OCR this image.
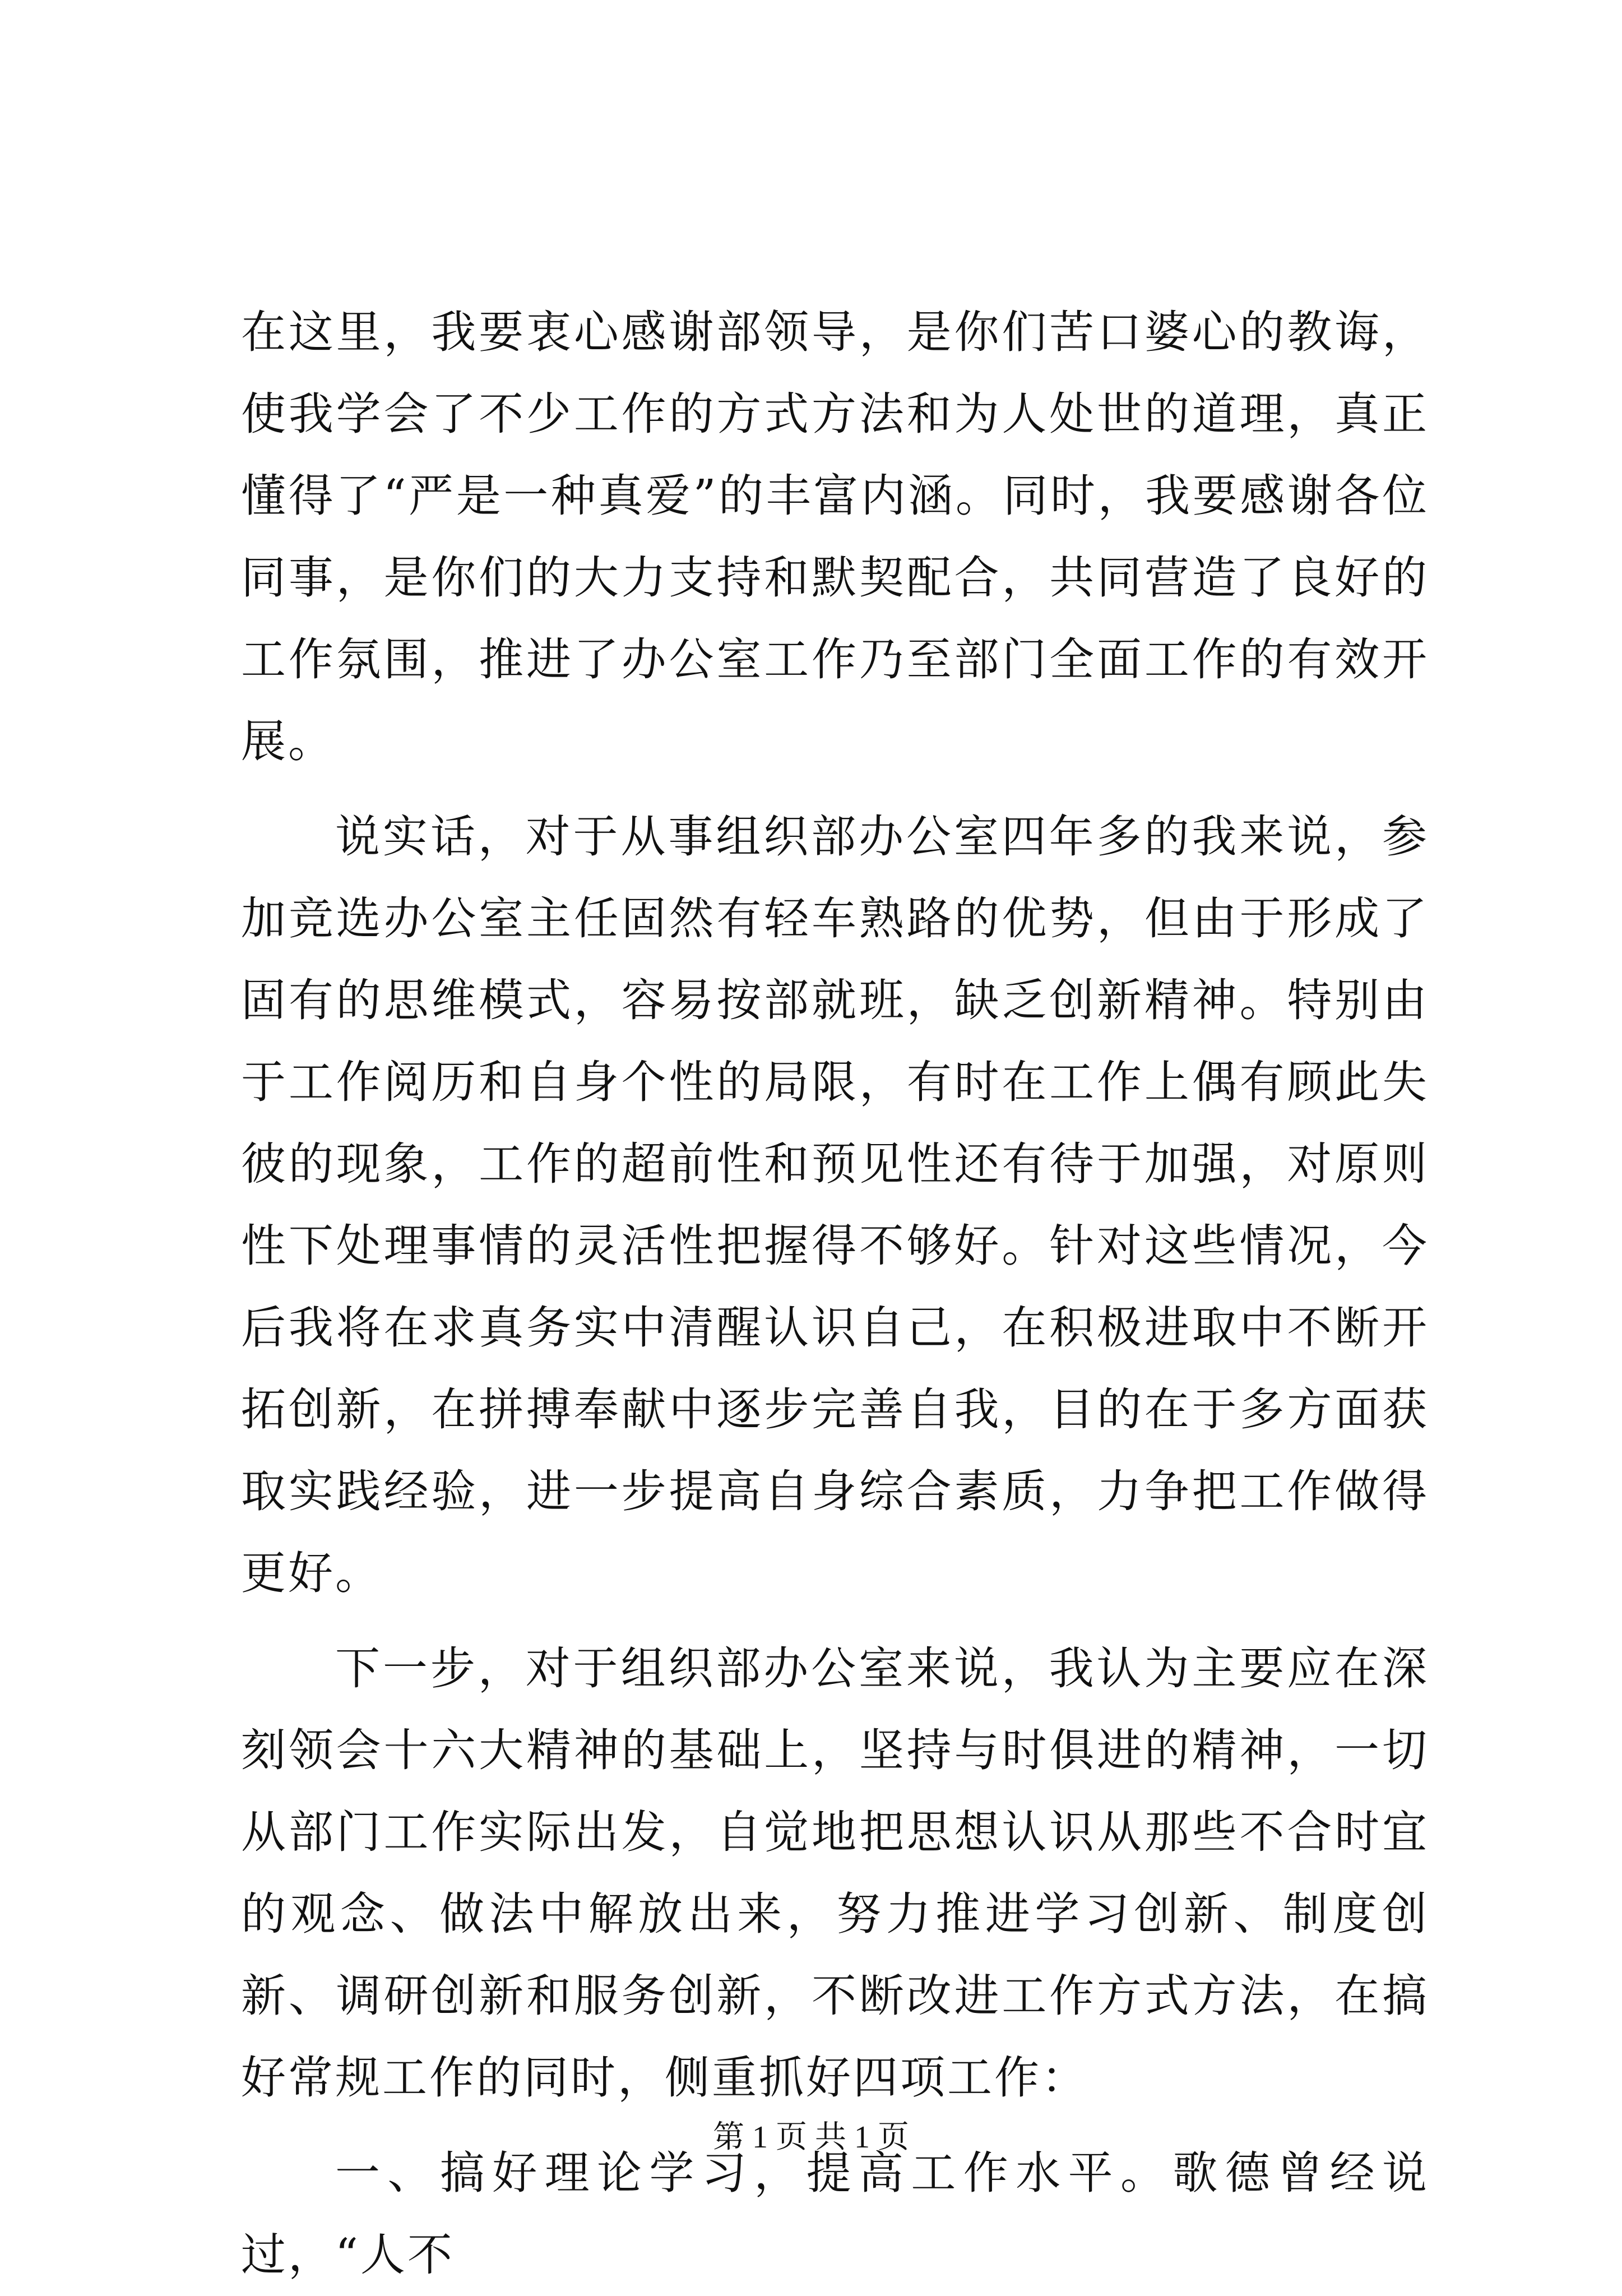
在这里，我要衷心感谢部领导，是你们苦口婆心的教诲，使我学会了不少工作的方式方法和为人处世的道理，真正懂得了“严是一种真爱”的丰富内涵。同时，我要感谢各位同事，是你们的大力支持和默契配合，共同营造了良好的工作氛围，推进了办公室工作乃至部门全面工作的有效开展。

说实话，对于从事组织部办公室四年多的我来说，参加竞选办公室主任固然有轻车熟路的优势，但由于形成了固有的思维模式，容易按部就班，缺乏创新精神。特别由于工作阅历和自身个性的局限，有时在工作上偶有顾此失彼的现象，工作的超前性和预见性还有待于加强，对原则性下处理事情的灵活性把握得不够好。针对这些情况，今后我将在求真务实中清醒认识自己，在积极进取中不断开拓创新，在拼搏奉献中逐步完善自我，目的在于多方面获取实践经验，进一步提高自身综合素质，力争把工作做得更好。

下一步，对于组织部办公室来说，我认为主要应在深刻领会十六大精神的基础上，坚持与时俱进的精神，一切从部门工作实际出发，自觉地把思想认识从那些不合时宜的观念、做法中解放出来，努力推进学习创新、制度创新、调研创新和服务创新，不断改进工作方式方法，在搞好常规工作的同时，侧重抓好四项工作：

一、搞好理论学习，提高工作水平。歌德曾经说过，“人不

第 1 页 共 1 页
